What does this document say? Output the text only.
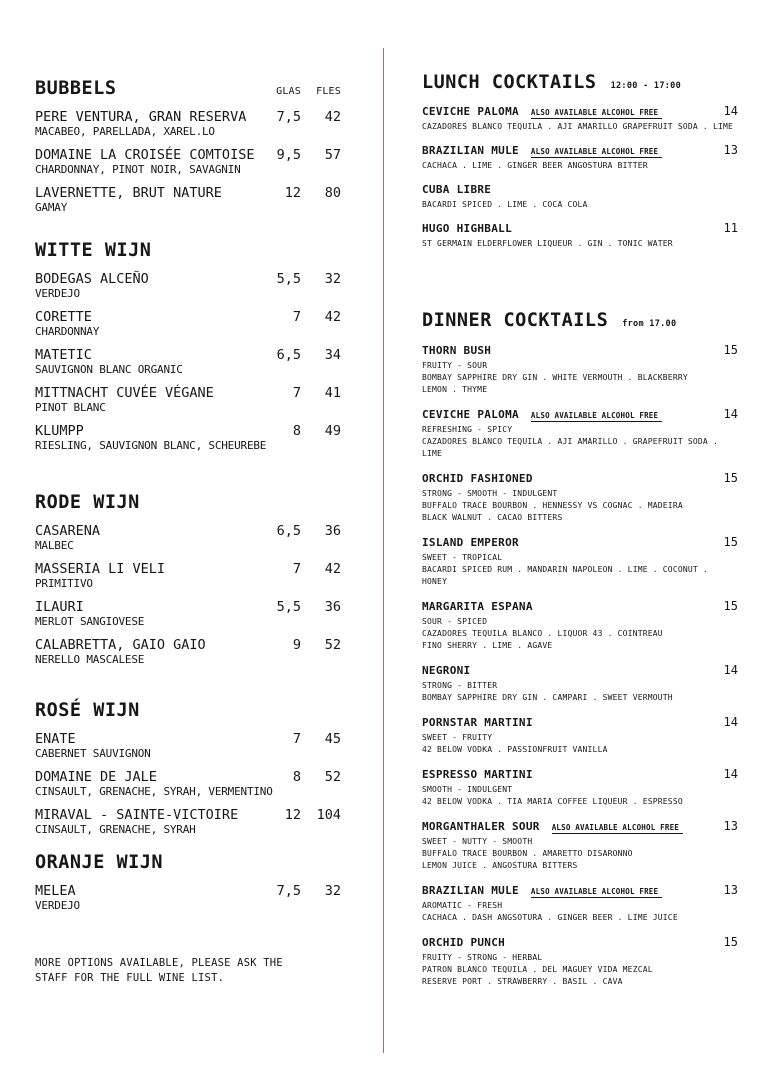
BUBBELS	GLAS	FLES
PERE VENTURA, GRAN RESERVA	7,5	42
MACABEO, PARELLADA, XAREL.LO
DOMAINE LA CROISÉE COMTOISE	9,5	57
CHARDONNAY, PINOT NOIR, SAVAGNIN
LAVERNETTE, BRUT NATURE	12	80
GAMAY
WITTE WIJN
BODEGAS ALCEÑO	5,5	32
VERDEJO
CORETTE	7	42
CHARDONNAY
MATETIC	6,5	34
SAUVIGNON BLANC ORGANIC
MITTNACHT CUVÉE VÉGANE	7	41
PINOT BLANC
KLUMPP	8	49
RIESLING, SAUVIGNON BLANC, SCHEUREBE
RODE WIJN
CASARENA	6,5	36
MALBEC
MASSERIA LI VELI	7	42
PRIMITIVO
ILAURI	5,5	36
MERLOT SANGIOVESE
CALABRETTA, GAIO GAIO	9	52
NERELLO MASCALESE
ROSÉ WIJN
ENATE	7	45
CABERNET SAUVIGNON
DOMAINE DE JALE	8	52
CINSAULT, GRENACHE, SYRAH, VERMENTINO
MIRAVAL - SAINTE-VICTOIRE	12	104
CINSAULT, GRENACHE, SYRAH
ORANJE WIJN
MELEA	7,5	32
VERDEJO
MORE OPTIONS AVAILABLE, PLEASE ASK THE
STAFF FOR THE FULL WINE LIST.
LUNCH COCKTAILS 12:00 - 17:00
CEVICHE PALOMA ALSO AVAILABLE ALCOHOL FREE	14
CAZADORES BLANCO TEQUILA . AJI AMARILLO GRAPEFRUIT SODA . LIME
BRAZILIAN MULE ALSO AVAILABLE ALCOHOL FREE	13
CACHACA . LIME . GINGER BEER ANGOSTURA BITTER
CUBA LIBRE
BACARDI SPICED . LIME . COCA COLA
HUGO HIGHBALL	11
ST GERMAIN ELDERFLOWER LIQUEUR . GIN . TONIC WATER
DINNER COCKTAILS from 17.00
THORN BUSH	15
FRUITY - SOUR
BOMBAY SAPPHIRE DRY GIN . WHITE VERMOUTH . BLACKBERRY
LEMON . THYME
CEVICHE PALOMA ALSO AVAILABLE ALCOHOL FREE	14
REFRESHING - SPICY
CAZADORES BLANCO TEQUILA . AJI AMARILLO . GRAPEFRUIT SODA .
LIME
ORCHID FASHIONED	15
STRONG - SMOOTH - INDULGENT
BUFFALO TRACE BOURBON . HENNESSY VS COGNAC . MADEIRA
BLACK WALNUT . CACAO BITTERS
ISLAND EMPEROR	15
SWEET - TROPICAL
BACARDI SPICED RUM . MANDARIN NAPOLEON . LIME . COCONUT .
HONEY
MARGARITA ESPANA	15
SOUR - SPICED
CAZADORES TEQUILA BLANCO . LIQUOR 43 . COINTREAU
FINO SHERRY . LIME . AGAVE
NEGRONI	14
STRONG - BITTER
BOMBAY SAPPHIRE DRY GIN . CAMPARI . SWEET VERMOUTH
PORNSTAR MARTINI	14
SWEET - FRUITY
42 BELOW VODKA . PASSIONFRUIT VANILLA
ESPRESSO MARTINI	14
SMOOTH - INDULGENT
42 BELOW VODKA . TIA MARIA COFFEE LIQUEUR . ESPRESSO
MORGANTHALER SOUR ALSO AVAILABLE ALCOHOL FREE	13
SWEET - NUTTY - SMOOTH
BUFFALO TRACE BOURBON . AMARETTO DISARONNO
LEMON JUICE . ANGOSTURA BITTERS
BRAZILIAN MULE ALSO AVAILABLE ALCOHOL FREE	13
AROMATIC - FRESH
CACHACA . DASH ANGSOTURA . GINGER BEER . LIME JUICE
ORCHID PUNCH	15
FRUITY - STRONG - HERBAL
PATRON BLANCO TEQUILA . DEL MAGUEY VIDA MEZCAL
RESERVE PORT . STRAWBERRY . BASIL . CAVA
